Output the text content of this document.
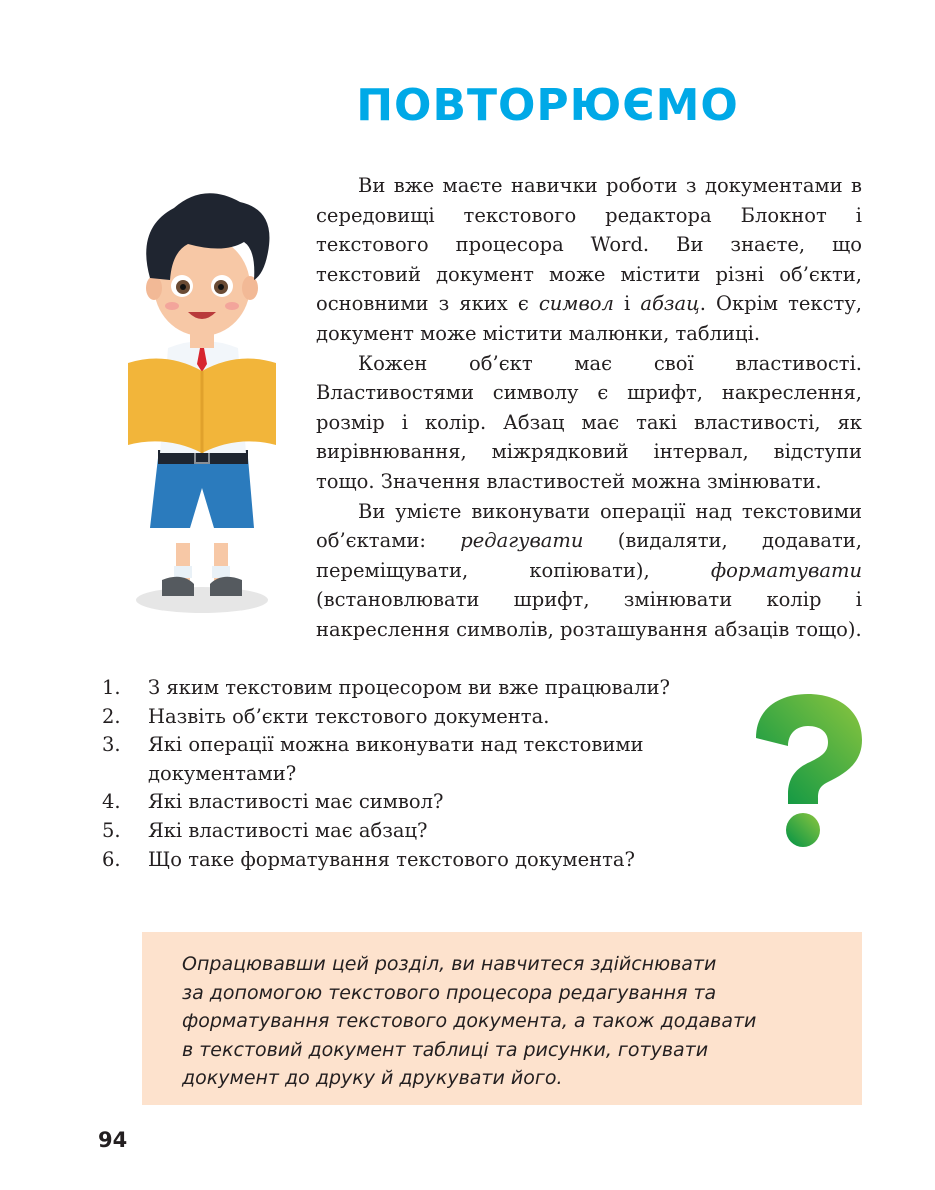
ПОВТОРЮЄМО

Ви вже маєте навички роботи з документами в середовищі текстового редактора Блокнот і текстового процесора Word. Ви знаєте, що текстовий документ може містити різні об’єкти, основними з яких є символ і абзац. Окрім тексту, документ може містити малюнки, таблиці.

Кожен об’єкт має свої властивості. Властивостями символу є шрифт, накреслення, розмір і колір. Абзац має такі властивості, як вирівнювання, міжрядковий інтервал, відступи тощо. Значення властивостей можна змінювати.

Ви умієте виконувати операції над текстовими об’єктами: редагувати (видаляти, додавати, переміщувати, копіювати), форматувати (встановлювати шрифт, змінювати колір і накреслення символів, розташування абзаців тощо).

1. З яким текстовим процесором ви вже працювали?
2. Назвіть об’єкти текстового документа.
3. Які операції можна виконувати над текстовими документами?
4. Які властивості має символ?
5. Які властивості має абзац?
6. Що таке форматування текстового документа?
Опрацювавши цей розділ, ви навчитеся здійснювати
за допомогою текстового процесора редагування та
форматування текстового документа, а також додавати
в текстовий документ таблиці та рисунки, готувати
документ до друку й друкувати його.
94
